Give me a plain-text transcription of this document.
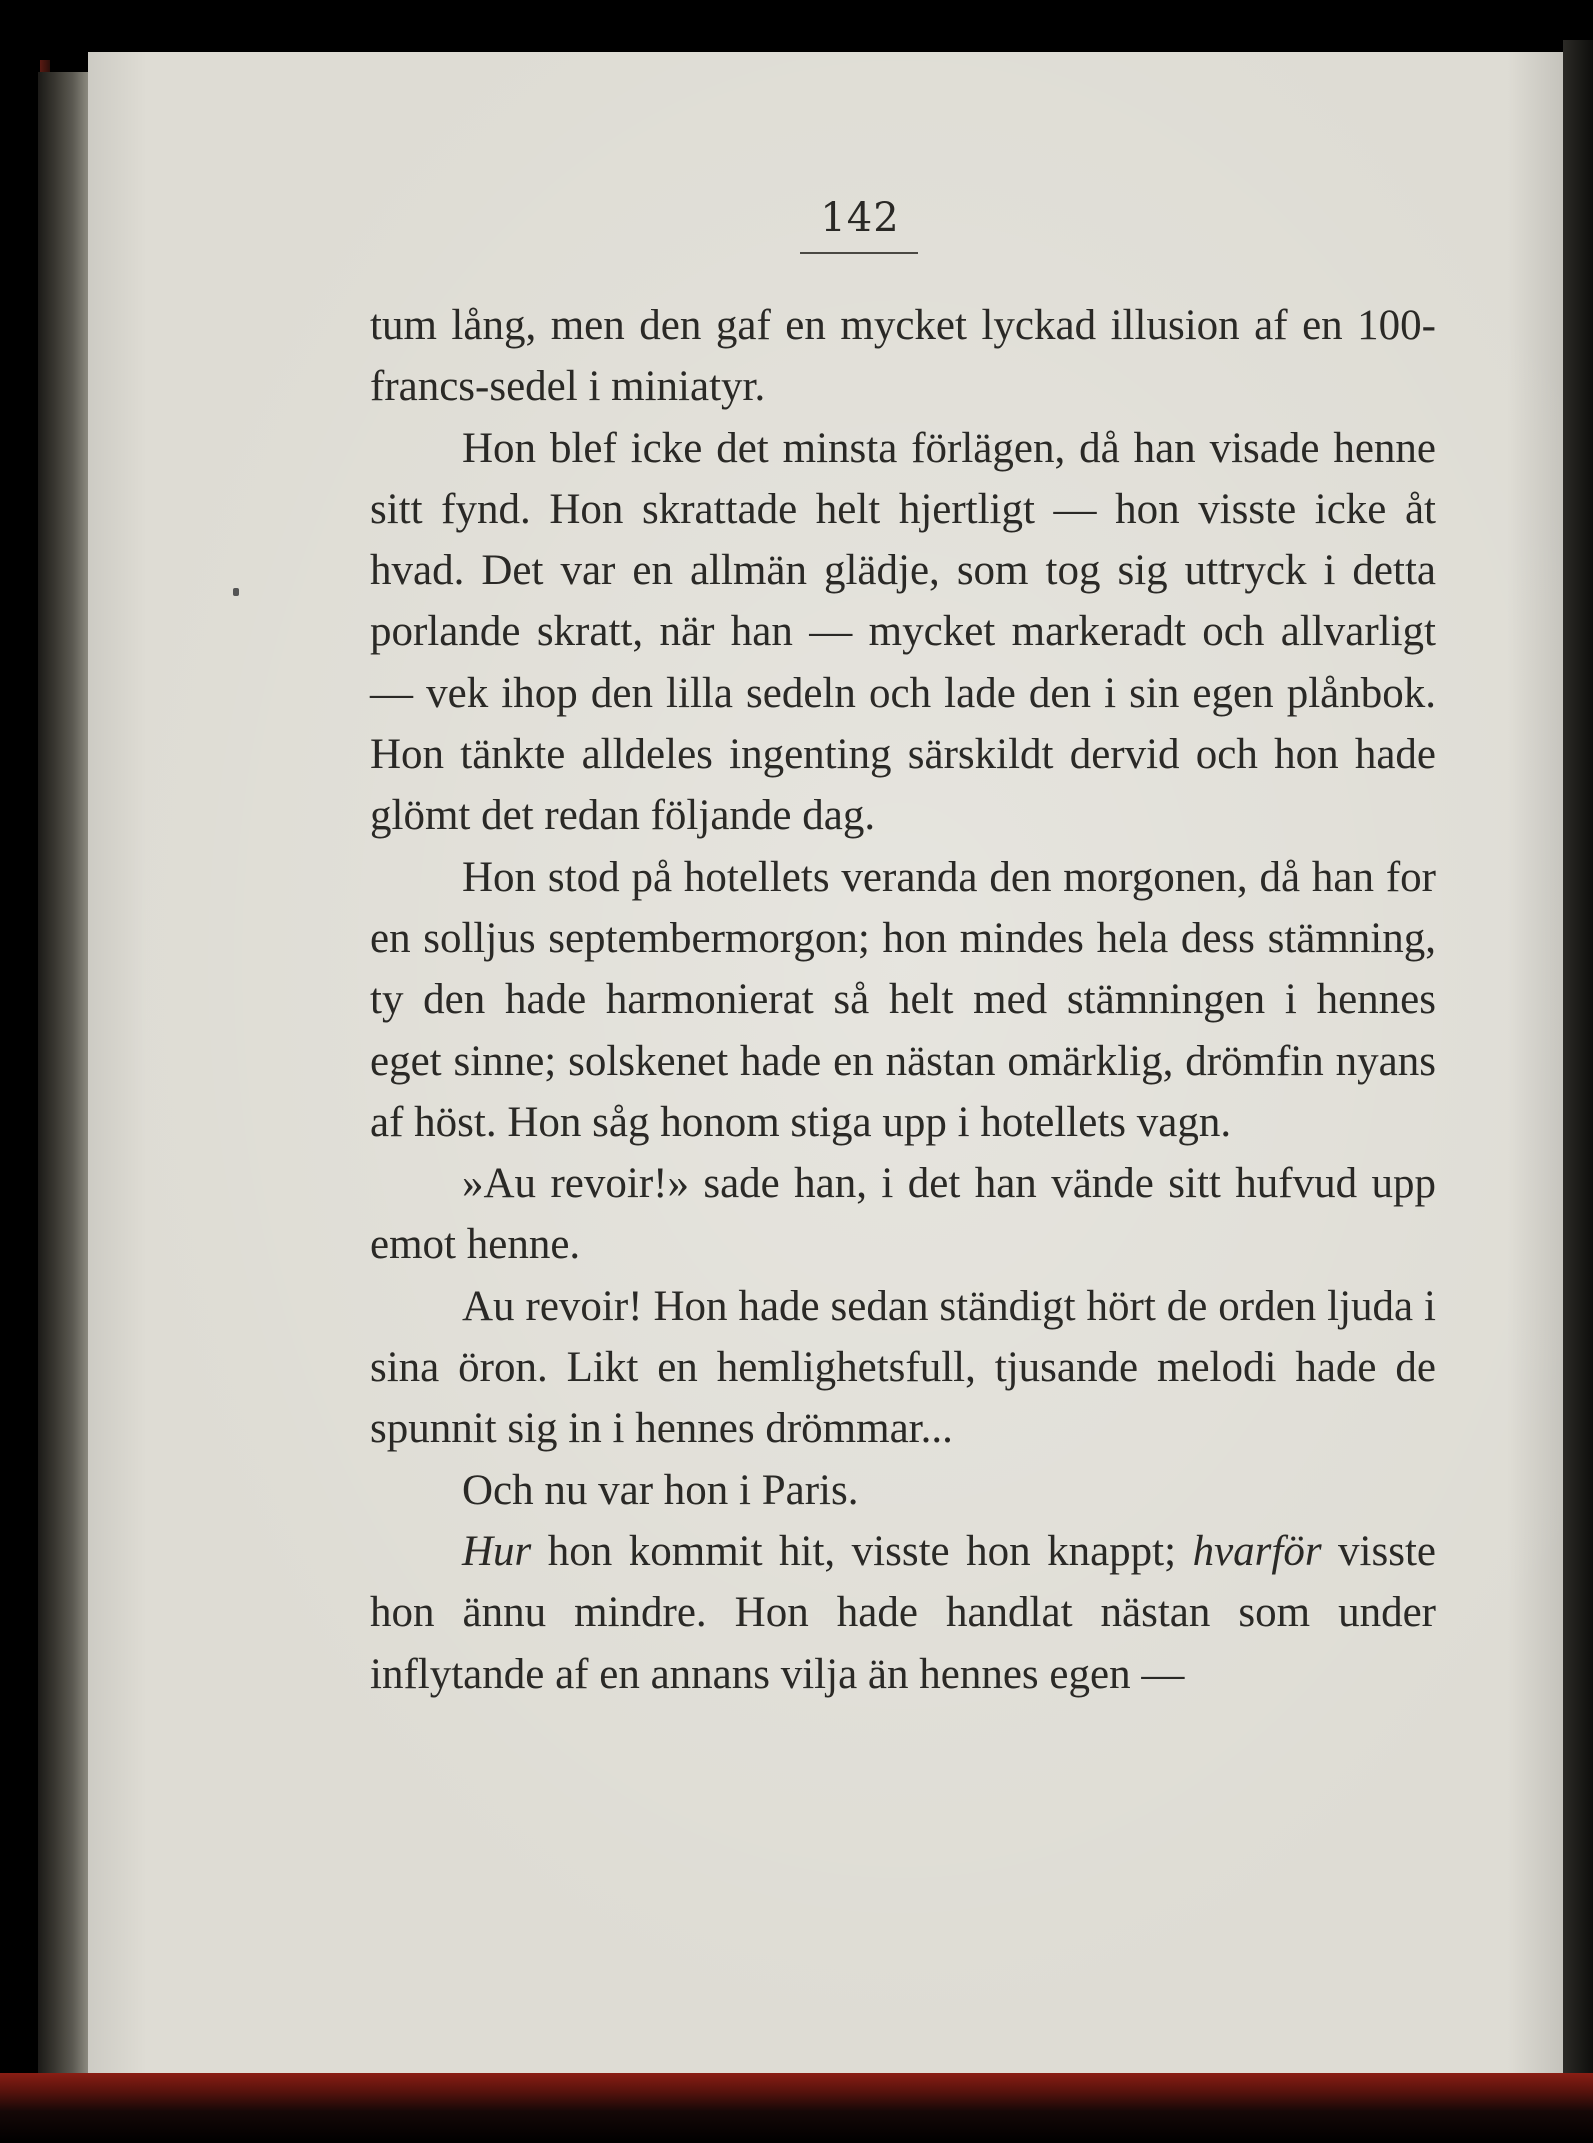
142

tum lång, men den gaf en mycket lyckad illusion af en 100-francs-sedel i miniatyr.

Hon blef icke det minsta förlägen, då han visade henne sitt fynd. Hon skrattade helt hjertligt — hon visste icke åt hvad. Det var en allmän glädje, som tog sig uttryck i detta porlande skratt, när han — mycket markeradt och allvarligt — vek ihop den lilla sedeln och lade den i sin egen plånbok. Hon tänkte alldeles ingenting särskildt dervid och hon hade glömt det redan följande dag.

Hon stod på hotellets veranda den morgonen, då han for en solljus septembermorgon; hon mindes hela dess stämning, ty den hade harmonierat så helt med stämningen i hennes eget sinne; solskenet hade en nästan omärklig, drömfin nyans af höst. Hon såg honom stiga upp i hotellets vagn.

»Au revoir!» sade han, i det han vände sitt hufvud upp emot henne.

Au revoir! Hon hade sedan ständigt hört de orden ljuda i sina öron. Likt en hemlighetsfull, tjusande melodi hade de spunnit sig in i hennes drömmar...

Och nu var hon i Paris.

Hur hon kommit hit, visste hon knappt; hvarför visste hon ännu mindre. Hon hade handlat nästan som under inflytande af en annans vilja än hennes egen —
